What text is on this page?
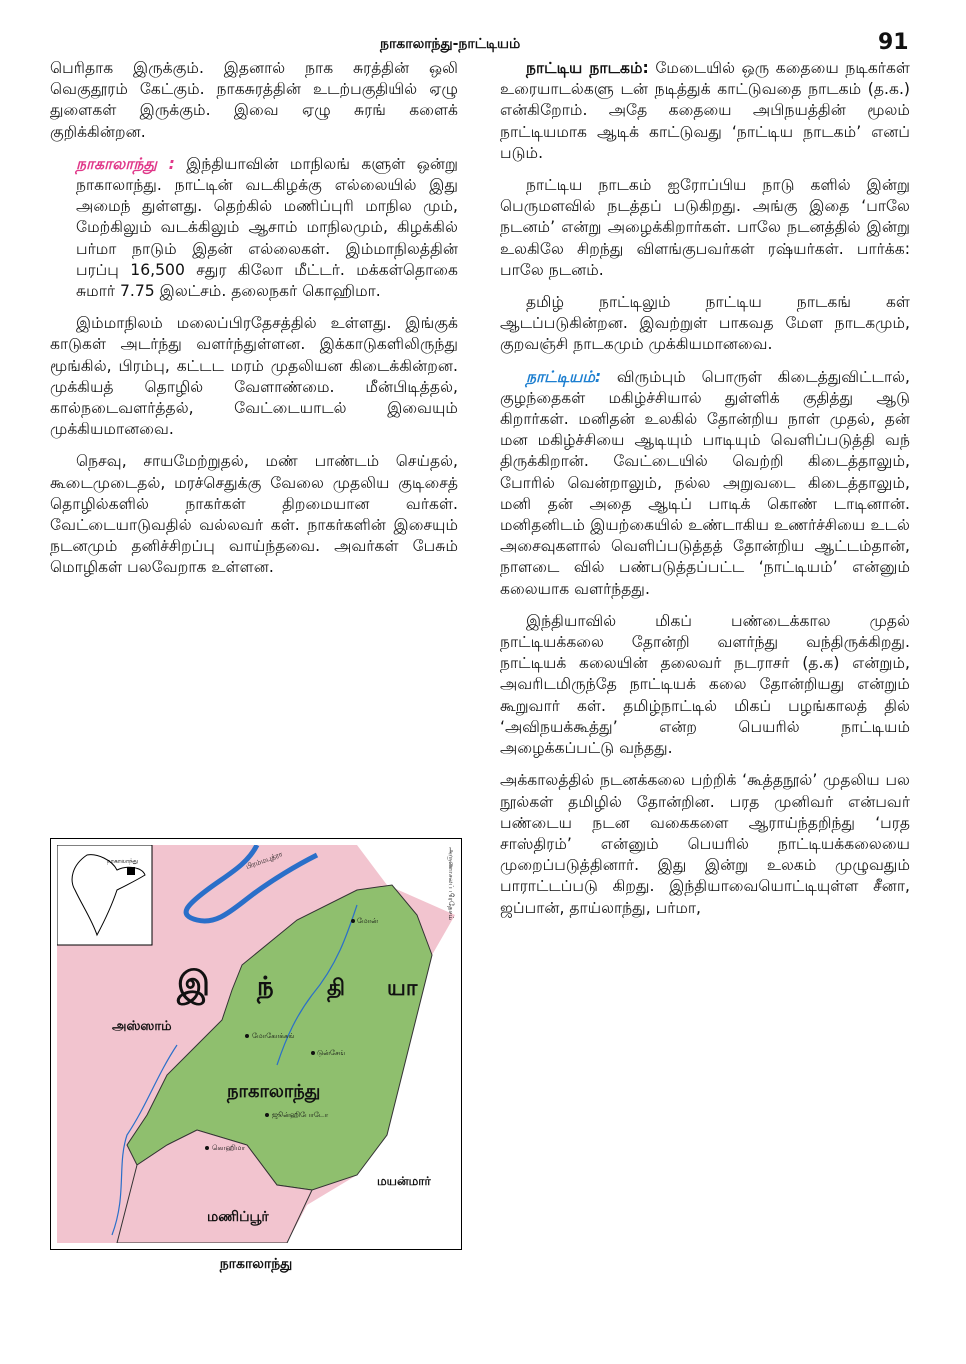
நாகாலாந்து-நாட்டியம்	91

பெரிதாக இருக்கும். இதனால் நாக சுரத்தின் ஒலி வெகுதூரம் கேட்கும். நாகசுரத்தின் உடற்பகுதியில் ஏழு துளைகள் இருக்கும். இவை ஏழு சுரங் களைக் குறிக்கின்றன.

நாகாலாந்து : இந்தியாவின் மாநிலங் களுள் ஒன்று நாகாலாந்து. நாட்டின் வடகிழக்கு எல்லையில் இது அமைந் துள்ளது. தெற்கில் மணிப்புரி மாநில மும், மேற்கிலும் வடக்கிலும் ஆசாம் மாநிலமும், கிழக்கில் பர்மா நாடும் இதன் எல்லைகள். இம்மாநிலத்தின் பரப்பு 16,500 சதுர கிலோ மீட்டர். மக்கள்தொகை சுமார் 7.75 இலட்சம். தலைநகர் கொஹிமா.

இம்மாநிலம் மலைப்பிரதேசத்தில் உள்ளது. இங்குக் காடுகள் அடர்ந்து வளர்ந்துள்ளன. இக்காடுகளிலிருந்து மூங்கில், பிரம்பு, கட்டட மரம் முதலியன கிடைக்கின்றன. முக்கியத் தொழில் வேளாண்மை. மீன்பிடித்தல், கால்நடைவளர்த்தல், வேட்டையாடல் இவையும் முக்கியமானவை.

நெசவு, சாயமேற்றுதல், மண் பாண்டம் செய்தல், கூடைமுடைதல், மரச்செதுக்கு வேலை முதலிய குடிசைத் தொழில்களில் நாகர்கள் திறமையான வர்கள். வேட்டையாடுவதில் வல்லவர் கள். நாகர்களின் இசையும் நடனமும் தனிச்சிறப்பு வாய்ந்தவை. அவர்கள் பேசும் மொழிகள் பலவேறாக உள்ளன.

நாட்டிய நாடகம்: மேடையில் ஒரு கதையை நடிகர்கள் உரையாடல்களு டன் நடித்துக் காட்டுவதை நாடகம் (த.க.) என்கிறோம். அதே கதையை அபிநயத்தின் மூலம் நாட்டியமாக ஆடிக் காட்டுவது ‘நாட்டிய நாடகம்’ எனப் படும்.

நாட்டிய நாடகம் ஐரோப்பிய நாடு களில் இன்று பெருமளவில் நடத்தப் படுகிறது. அங்கு இதை ‘பாலே நடனம்’ என்று அழைக்கிறார்கள். பாலே நடனத்தில் இன்று உலகிலே சிறந்து விளங்குபவர்கள் ரஷ்யர்கள். பார்க்க: பாலே நடனம்.

தமிழ் நாட்டிலும் நாட்டிய நாடகங் கள் ஆடப்படுகின்றன. இவற்றுள் பாகவத மேள நாடகமும், குறவஞ்சி நாடகமும் முக்கியமானவை.

நாட்டியம்: விரும்பும் பொருள் கிடைத்துவிட்டால், குழந்தைகள் மகிழ்ச்சியால் துள்ளிக் குதித்து ஆடு கிறார்கள். மனிதன் உலகில் தோன்றிய நாள் முதல், தன் மன மகிழ்ச்சியை ஆடியும் பாடியும் வெளிப்படுத்தி வந் திருக்கிறான். வேட்டையில் வெற்றி கிடைத்தாலும், போரில் வென்றாலும், நல்ல அறுவடை கிடைத்தாலும், மனி தன் அதை ஆடிப் பாடிக் கொண் டாடினான். மனிதனிடம் இயற்கையில் உண்டாகிய உணர்ச்சியை உடல் அசைவுகளால் வெளிப்படுத்தத் தோன்றிய ஆட்டம்தான், நாளடை வில் பண்படுத்தப்பட்ட ‘நாட்டியம்’ என்னும் கலையாக வளர்ந்தது.

இந்தியாவில் மிகப் பண்டைக்கால முதல் நாட்டியக்கலை தோன்றி வளர்ந்து வந்திருக்கிறது. நாட்டியக் கலையின் தலைவர் நடராசர் (த.க) என்றும், அவரிடமிருந்தே நாட்டியக் கலை தோன்றியது என்றும் கூறுவார் கள். தமிழ்நாட்டில் மிகப் பழங்காலத் தில் ‘அவிநயக்கூத்து’ என்ற பெயரில் நாட்டியம் அழைக்கப்பட்டு வந்தது.

அக்காலத்தில் நடனக்கலை பற்றிக் ‘கூத்தநூல்’ முதலிய பல நூல்கள் தமிழில் தோன்றின. பரத முனிவர் என்பவர் பண்டைய நடன வகைகளை ஆராய்ந்தறிந்து ‘பரத சாஸ்திரம்’ என்னும் பெயரில் நாட்டியக்கலையை முறைப்படுத்தினார். இது இன்று உலகம் முழுவதும் பாராட்டப்படு கிறது. இந்தியாவையொட்டியுள்ள சீனா, ஜப்பான், தாய்லாந்து, பர்மா,

நாகாலாந்து
இ ந் தி யா
அஸ்ஸாம்
நாகாலாந்து
மணிப்பூர்
மயன்மார்
மோகோக்சுங்
மோன்
டுன்சேங்
கொஹிமா
ஜூன்ஹிபோடோ
பிரம்மபுத்ரா	அருணாசலப் பிரதேசம்
நாகாலாந்து
